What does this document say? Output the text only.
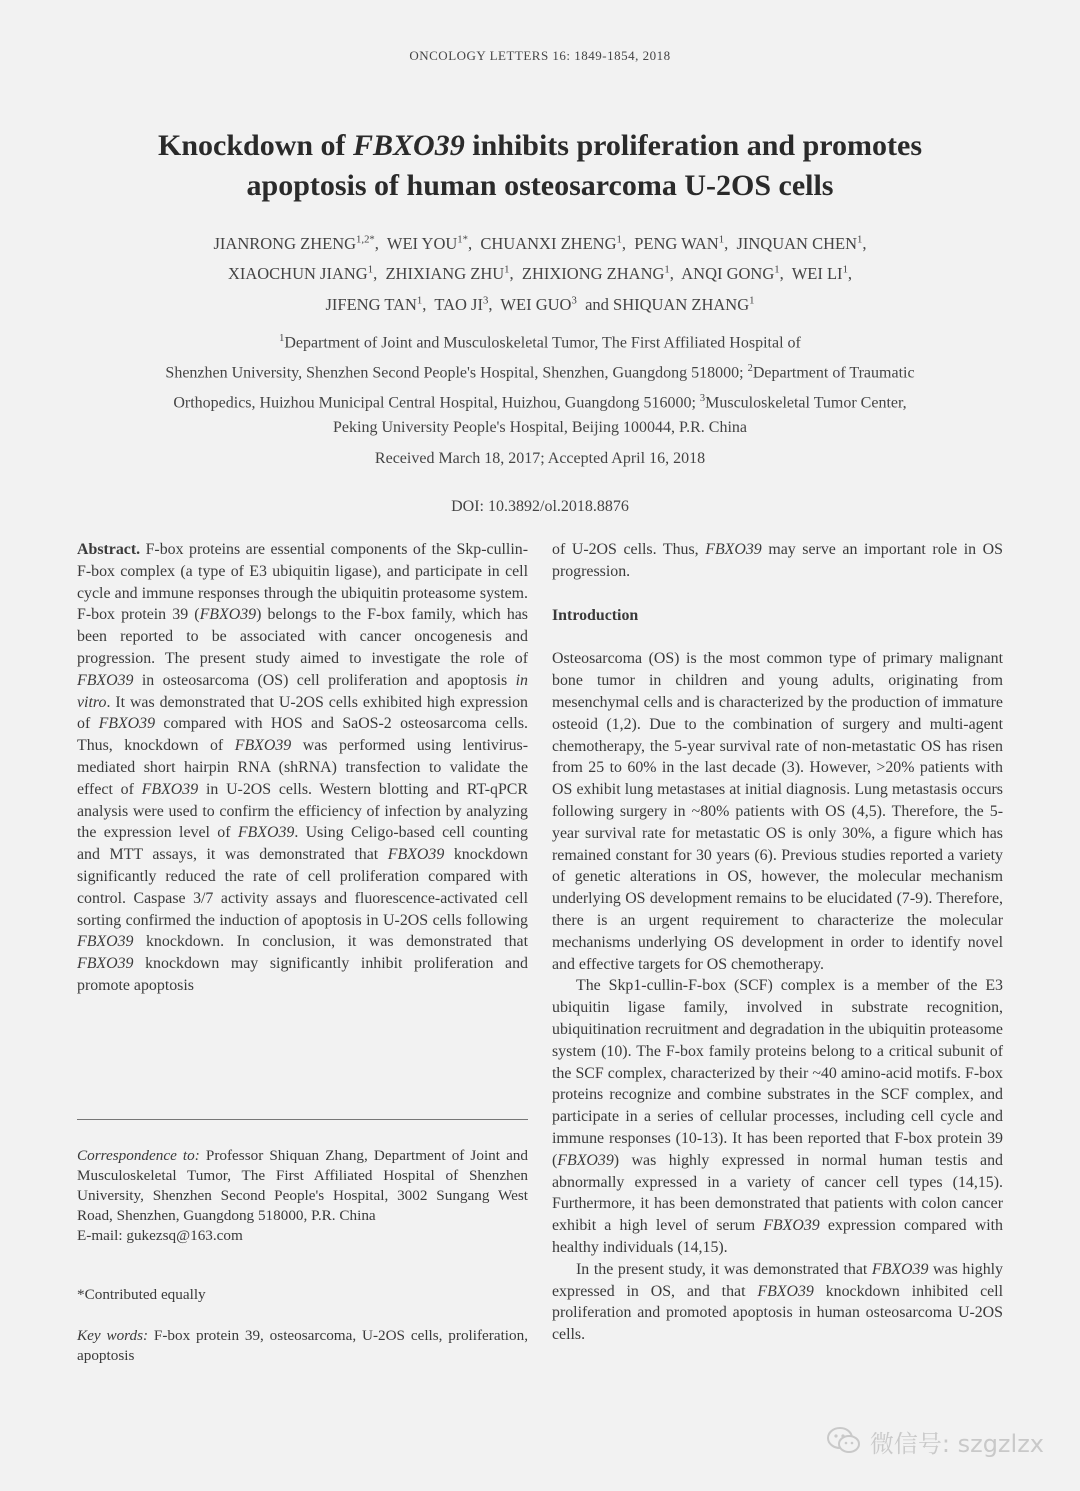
ONCOLOGY LETTERS 16: 1849-1854, 2018
Knockdown of FBXO39 inhibits proliferation and promotes
apoptosis of human osteosarcoma U-2OS cells
JIANRONG $ZHENG^{1,2*}$,  WEI $YOU^{1*}$,  CHUANXI ZHENG$^1$,  PENG WAN$^1$,  JINQUAN CHEN$^1$,
XIAOCHUN JIANG$^1$,  ZHIXIANG ZHU$^1$,  ZHIXIONG ZHANG$^1$,  ANQI GONG$^1$,  WEI $LI^1$,
JIFENG TAN$^1$,  TAO $JI^3$,  WEI GUO$^3$ and SHIQUAN ZHANG$^1$
$^1$Department of Joint and Musculoskeletal Tumor, The First Affiliated Hospital of
Shenzhen University, Shenzhen Second People's Hospital, Shenzhen, Guangdong 518000; $^2$Department of Traumatic
Orthopedics, Huizhou Municipal Central Hospital, Huizhou, Guangdong 516000; $^3$Musculoskeletal Tumor Center,
Peking University People's Hospital, Beijing 100044, P.R. China
Received March 18, 2017; Accepted April 16, 2018
DOI: 10.3892/ol.2018.8876

Abstract. F-box proteins are essential components of the Skp-cullin-F-box complex (a type of E3 ubiquitin ligase), and participate in cell cycle and immune responses through the ubiquitin proteasome system. F-box protein 39 (FBXO39) belongs to the F-box family, which has been reported to be associated with cancer oncogenesis and progression. The present study aimed to investigate the role of FBXO39 in osteosarcoma (OS) cell proliferation and apoptosis in vitro. It was demonstrated that U-2OS cells exhibited high expression of FBXO39 compared with HOS and SaOS-2 osteosarcoma cells. Thus, knockdown of FBXO39 was performed using lentivirus-mediated short hairpin RNA (shRNA) transfection to validate the effect of FBXO39 in U-2OS cells. Western blotting and RT-qPCR analysis were used to confirm the efficiency of infection by analyzing the expression level of FBXO39. Using Celigo-based cell counting and MTT assays, it was demonstrated that FBXO39 knockdown significantly reduced the rate of cell proliferation compared with control. Caspase 3/7 activity assays and fluorescence-activated cell sorting confirmed the induction of apoptosis in U-2OS cells following FBXO39 knockdown. In conclusion, it was demonstrated that FBXO39 knockdown may significantly inhibit proliferation and promote apoptosis

Correspondence to: Professor Shiquan Zhang, Department of Joint and Musculoskeletal Tumor, The First Affiliated Hospital of Shenzhen University, Shenzhen Second People's Hospital, 3002 Sungang West Road, Shenzhen, Guangdong 518000, P.R. China

E-mail: gukezsq@163.com

*Contributed equally
Key words: F-box protein 39, osteosarcoma, U-2OS cells, proliferation, apoptosis

of U-2OS cells. Thus, FBXO39 may serve an important role in OS progression.

Introduction

Osteosarcoma (OS) is the most common type of primary malignant bone tumor in children and young adults, originating from mesenchymal cells and is characterized by the production of immature osteoid (1,2). Due to the combination of surgery and multi-agent chemotherapy, the 5-year survival rate of non-metastatic OS has risen from 25 to 60% in the last decade (3). However, >20% patients with OS exhibit lung metastases at initial diagnosis. Lung metastasis occurs following surgery in ~80% patients with OS (4,5). Therefore, the 5-year survival rate for metastatic OS is only 30%, a figure which has remained constant for 30 years (6). Previous studies reported a variety of genetic alterations in OS, however, the molecular mechanism underlying OS development remains to be elucidated (7-9). Therefore, there is an urgent requirement to characterize the molecular mechanisms underlying OS development in order to identify novel and effective targets for OS chemotherapy.

The Skp1-cullin-F-box (SCF) complex is a member of the E3 ubiquitin ligase family, involved in substrate recognition, ubiquitination recruitment and degradation in the ubiquitin proteasome system (10). The F-box family proteins belong to a critical subunit of the SCF complex, characterized by their ~40 amino-acid motifs. F-box proteins recognize and combine substrates in the SCF complex, and participate in a series of cellular processes, including cell cycle and immune responses (10-13). It has been reported that F-box protein 39 (FBXO39) was highly expressed in normal human testis and abnormally expressed in a variety of cancer cell types (14,15). Furthermore, it has been demonstrated that patients with colon cancer exhibit a high level of serum FBXO39 expression compared with healthy individuals (14,15).

In the present study, it was demonstrated that FBXO39 was highly expressed in OS, and that FBXO39 knockdown inhibited cell proliferation and promoted apoptosis in human osteosarcoma U-2OS cells.

微信号: szgzlzx
